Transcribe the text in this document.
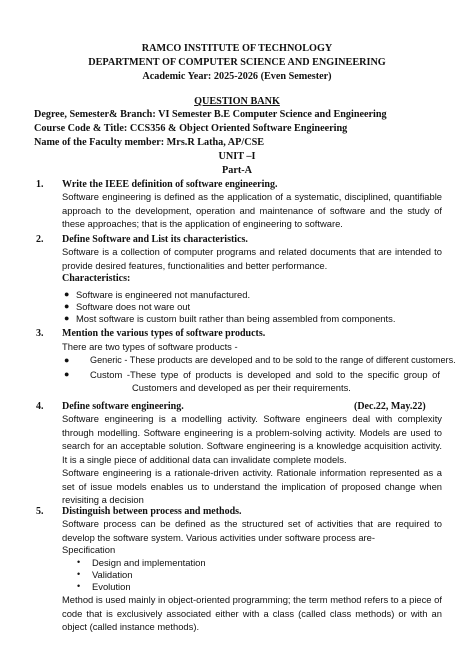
RAMCO INSTITUTE OF TECHNOLOGY
DEPARTMENT OF COMPUTER SCIENCE AND ENGINEERING
Academic Year: 2025-2026 (Even Semester)
QUESTION BANK
Degree, Semester& Branch: VI Semester B.E Computer Science and Engineering
Course Code & Title: CCS356 & Object Oriented Software Engineering
Name of the Faculty member: Mrs.R Latha, AP/CSE
UNIT –I
Part-A
1. Write the IEEE definition of software engineering.
Software engineering is defined as the application of a systematic, disciplined, quantifiable approach to the development, operation and maintenance of software and the study of these approaches; that is the application of engineering to software.
2. Define Software and List its characteristics.
Software is a collection of computer programs and related documents that are intended to provide desired features, functionalities and better performance.
Characteristics:
● Software is engineered not manufactured.
● Software does not ware out
● Most software is custom built rather than being assembled from components.
3. Mention the various types of software products.
There are two types of software products -
● Generic - These products are developed and to be sold to the range of different customers.
● Custom -These type of products is developed and sold to the specific group of
Customers and developed as per their requirements.
4. Define software engineering.	(Dec.22, May.22)
Software engineering is a modelling activity. Software engineers deal with complexity through modelling. Software engineering is a problem-solving activity. Models are used to search for an acceptable solution. Software engineering is a knowledge acquisition activity. It is a single piece of additional data can invalidate complete models.
Software engineering is a rationale-driven activity. Rationale information represented as a set of issue models enables us to understand the implication of proposed change when revisiting a decision
5. Distinguish between process and methods.
Software process can be defined as the structured set of activities that are required to develop the software system. Various activities under software process are-
Specification
• Design and implementation
• Validation
• Evolution
Method is used mainly in object-oriented programming; the term method refers to a piece of code that is exclusively associated either with a class (called class methods) or with an object (called instance methods).
